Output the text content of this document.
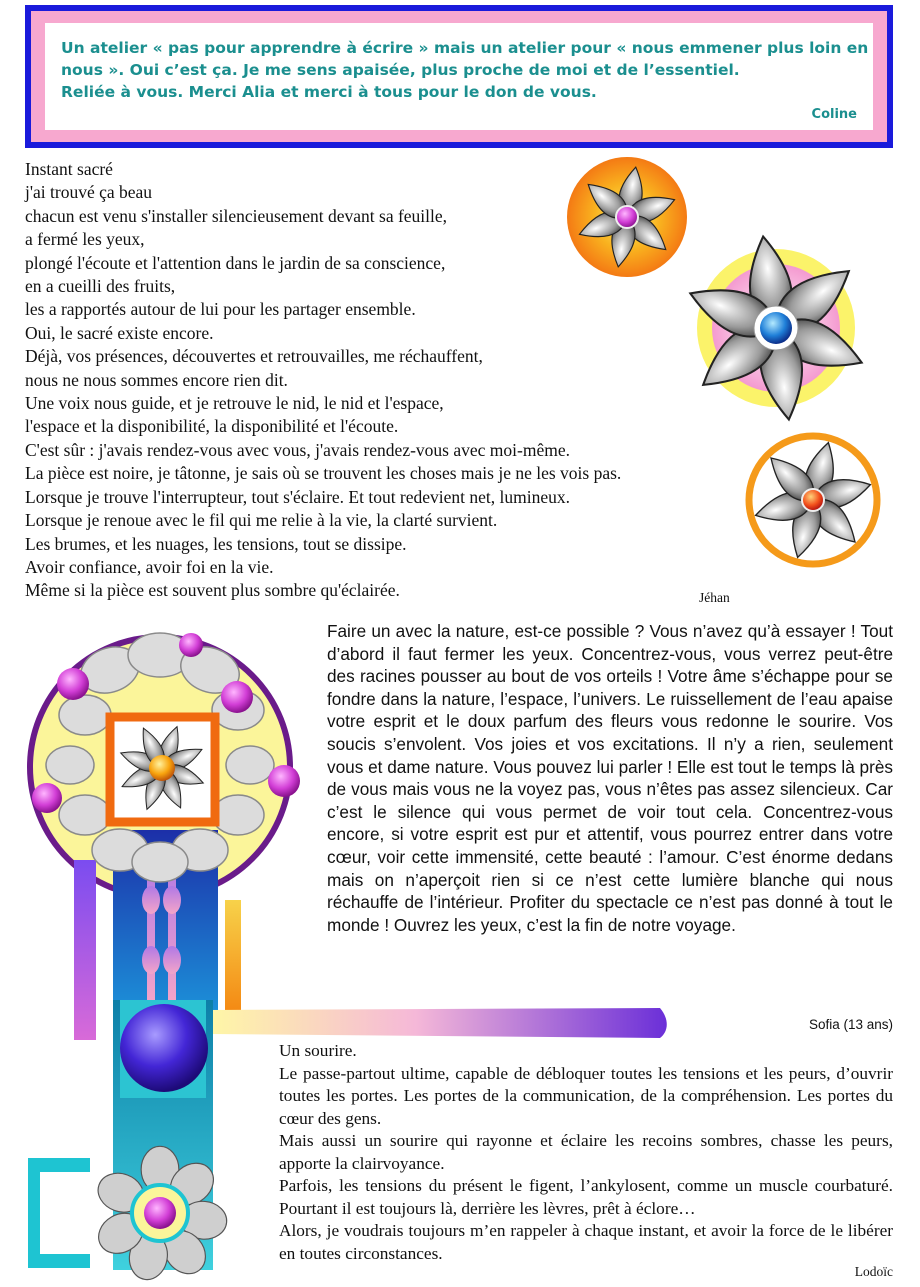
Un atelier « pas pour apprendre à écrire » mais un atelier pour « nous emmener plus loin en
nous ». Oui c’est ça. Je me sens apaisée, plus proche de moi et de l’essentiel.
Reliée à vous. Merci Alia et merci à tous pour le don de vous.
Coline
Instant sacré
j'ai trouvé ça beau
chacun est venu s'installer silencieusement devant sa feuille,
a fermé les yeux,
plongé l'écoute et l'attention dans le jardin de sa conscience,
en a cueilli des fruits,
les a rapportés autour de lui pour les partager ensemble.
Oui, le sacré existe encore.
Déjà, vos présences, découvertes et retrouvailles, me réchauffent,
nous ne nous sommes encore rien dit.
Une voix nous guide, et je retrouve le nid, le nid et l'espace,
l'espace et la disponibilité, la disponibilité et l'écoute.
C'est sûr : j'avais rendez-vous avec vous, j'avais rendez-vous avec moi-même.
La pièce est noire, je tâtonne, je sais où se trouvent les choses mais je ne les vois pas.
Lorsque je trouve l'interrupteur, tout s'éclaire. Et tout redevient net, lumineux.
Lorsque je renoue avec le fil qui me relie à la vie, la clarté survient.
Les brumes, et les nuages, les tensions, tout se dissipe.
Avoir confiance, avoir foi en la vie.
Même si la pièce est souvent plus sombre qu'éclairée.	Jéhan
Faire un avec la nature, est-ce possible ? Vous n’avez qu’à essayer ! Tout d’abord il faut fermer les yeux. Concentrez-vous, vous verrez peut-être des racines pousser au bout de vos orteils ! Votre âme s’échappe pour se fondre dans la nature, l’espace, l’univers. Le ruissellement de l’eau apaise votre esprit et le doux parfum des fleurs vous redonne le sourire. Vos soucis s’envolent. Vos joies et vos excitations. Il n’y a rien, seulement vous et dame nature. Vous pouvez lui parler ! Elle est tout le temps là près de vous mais vous ne la voyez pas, vous n’êtes pas assez silencieux. Car c’est le silence qui vous permet de voir tout cela. Concentrez-vous encore, si votre esprit est pur et attentif, vous pourrez entrer dans votre cœur, voir cette immensité, cette beauté : l’amour. C’est énorme dedans mais on n’aperçoit rien si ce n’est cette lumière blanche qui nous réchauffe de l’intérieur. Profiter du spectacle ce n’est pas donné à tout le monde ! Ouvrez les yeux, c’est la fin de notre voyage.
Sofia (13 ans)
Un sourire.
Le passe-partout ultime, capable de débloquer toutes les tensions et les peurs, d’ouvrir toutes les portes. Les portes de la communication, de la compréhension. Les portes du cœur des gens.
Mais aussi un sourire qui rayonne et éclaire les recoins sombres, chasse les peurs, apporte la clairvoyance.
Parfois, les tensions du présent le figent, l’ankylosent, comme un muscle courbaturé. Pourtant il est toujours là, derrière les lèvres, prêt à éclore…
Alors, je voudrais toujours m’en rappeler à chaque instant, et avoir la force de le libérer en toutes circonstances.
Lodoïc
